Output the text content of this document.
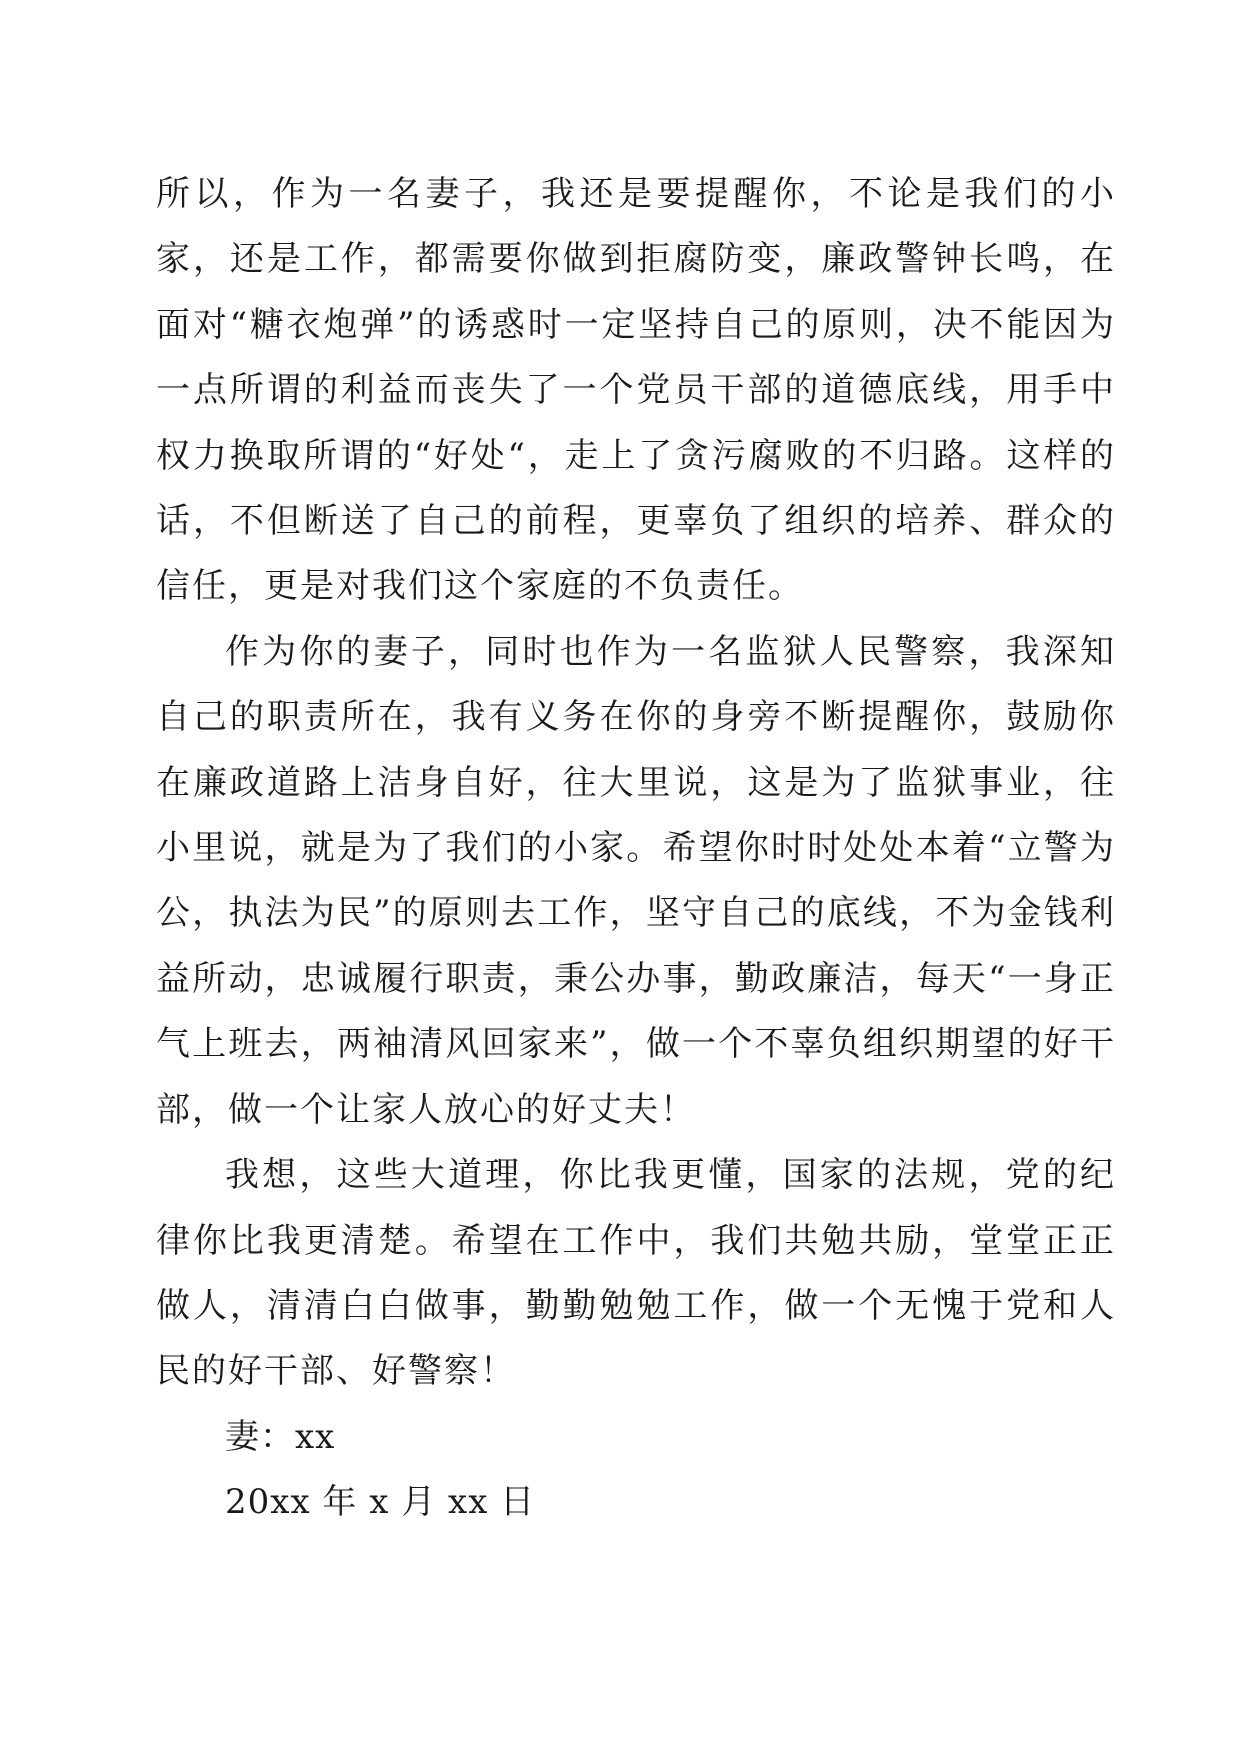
所以，作为一名妻子，我还是要提醒你，不论是我们的小家，还是工作，都需要你做到拒腐防变，廉政警钟长鸣，在面对“糖衣炮弹”的诱惑时一定坚持自己的原则，决不能因为一点所谓的利益而丧失了一个党员干部的道德底线，用手中权力换取所谓的“好处“，走上了贪污腐败的不归路。这样的话，不但断送了自己的前程，更辜负了组织的培养、群众的信任，更是对我们这个家庭的不负责任。

作为你的妻子，同时也作为一名监狱人民警察，我深知自己的职责所在，我有义务在你的身旁不断提醒你，鼓励你在廉政道路上洁身自好，往大里说，这是为了监狱事业，往小里说，就是为了我们的小家。希望你时时处处本着“立警为公，执法为民”的原则去工作，坚守自己的底线，不为金钱利益所动，忠诚履行职责，秉公办事，勤政廉洁，每天“一身正气上班去，两袖清风回家来”，做一个不辜负组织期望的好干部，做一个让家人放心的好丈夫！

我想，这些大道理，你比我更懂，国家的法规，党的纪律你比我更清楚。希望在工作中，我们共勉共励，堂堂正正做人，清清白白做事，勤勤勉勉工作，做一个无愧于党和人民的好干部、好警察！

妻：xx

20xx 年 x 月 xx 日
